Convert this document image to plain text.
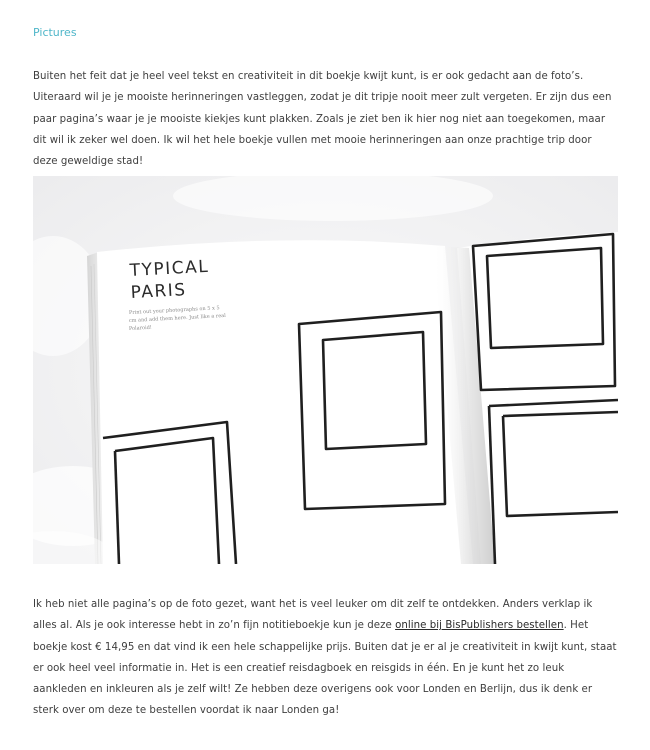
Pictures

Buiten het feit dat je heel veel tekst en creativiteit in dit boekje kwijt kunt, is er ook gedacht aan de foto’s. Uiteraard wil je je mooiste herinneringen vastleggen, zodat je dit tripje nooit meer zult vergeten. Er zijn dus een paar pagina’s waar je je mooiste kiekjes kunt plakken. Zoals je ziet ben ik hier nog niet aan toegekomen, maar dit wil ik zeker wel doen. Ik wil het hele boekje vullen met mooie herinneringen aan onze prachtige trip door deze geweldige stad!

TYPICAL
PARIS
Print out your photographs on 5 x 5
cm and add them here. Just like a real
Polaroid!

Ik heb niet alle pagina’s op de foto gezet, want het is veel leuker om dit zelf te ontdekken. Anders verklap ik alles al. Als je ook interesse hebt in zo’n fijn notitieboekje kun je deze online bij BisPublishers bestellen. Het boekje kost € 14,95 en dat vind ik een hele schappelijke prijs. Buiten dat je er al je creativiteit in kwijt kunt, staat er ook heel veel informatie in. Het is een creatief reisdagboek en reisgids in één. En je kunt het zo leuk aankleden en inkleuren als je zelf wilt! Ze hebben deze overigens ook voor Londen en Berlijn, dus ik denk er sterk over om deze te bestellen voordat ik naar Londen ga!
